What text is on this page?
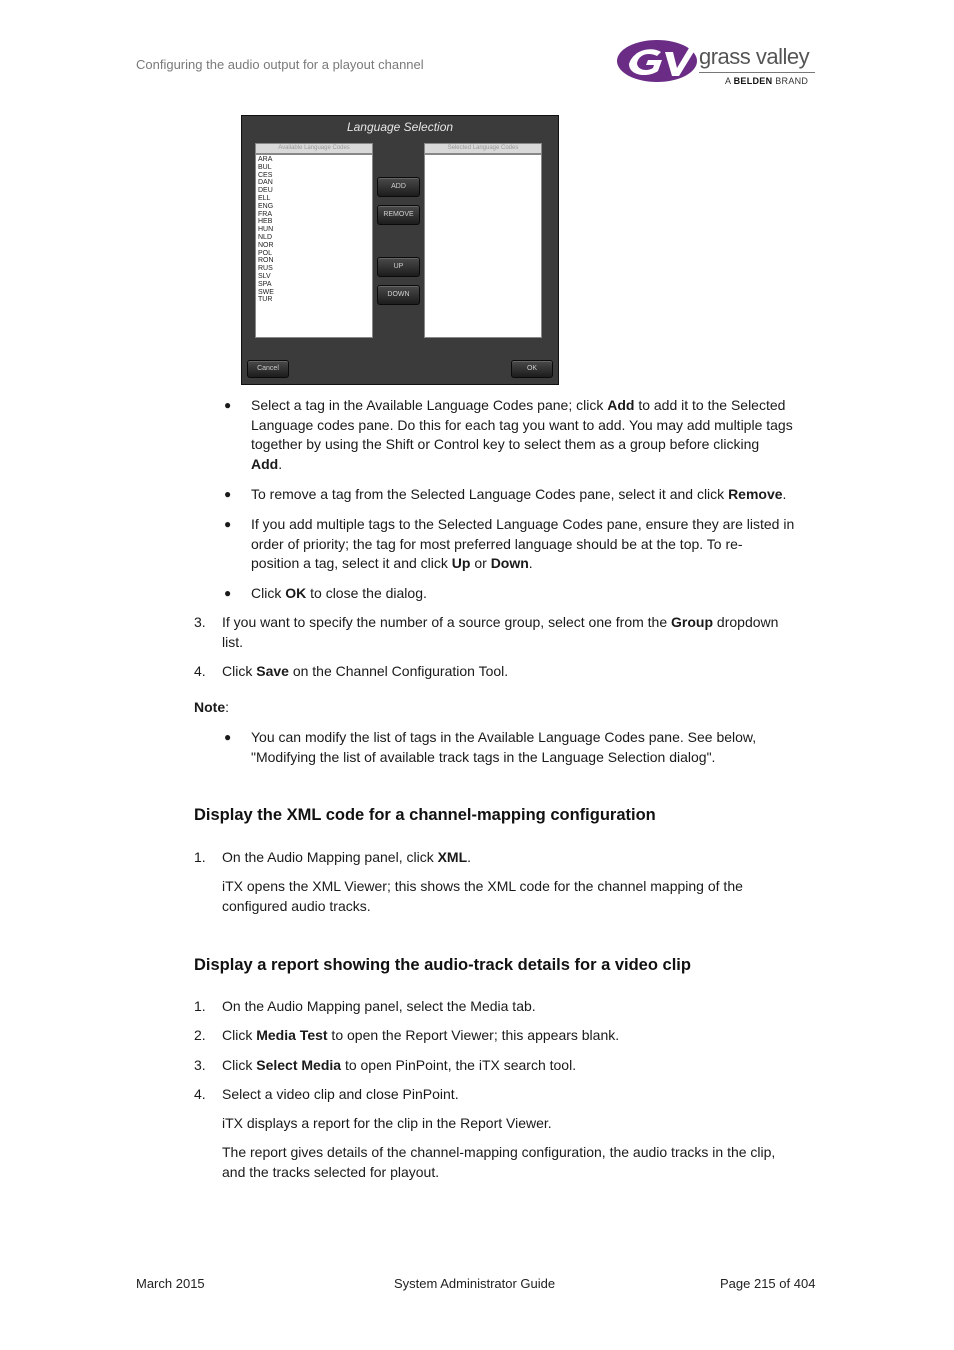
Configuring the audio output for a playout channel	grass valley
A BELDEN BRAND
Language Selection
Available Language Codes
ARA
BUL
CES
DAN
DEU
ELL
ENG
FRA
HEB
HUN
NLD
NOR
POL
RON
RUS
SLV
SPA
SWE
TUR
Selected Language Codes
ADD
REMOVE
UP
DOWN
Cancel	OK
● Select a tag in the Available Language Codes pane; click Add to add it to the Selected
Language codes pane. Do this for each tag you want to add. You may add multiple tags
together by using the Shift or Control key to select them as a group before clicking
Add.
● To remove a tag from the Selected Language Codes pane, select it and click Remove.
● If you add multiple tags to the Selected Language Codes pane, ensure they are listed in
order of priority; the tag for most preferred language should be at the top. To re-
position a tag, select it and click Up or Down.
● Click OK to close the dialog.
3. If you want to specify the number of a source group, select one from the Group dropdown
list.
4. Click Save on the Channel Configuration Tool.
Note:
● You can modify the list of tags in the Available Language Codes pane. See below,
"Modifying the list of available track tags in the Language Selection dialog".
Display the XML code for a channel-mapping configuration
1. On the Audio Mapping panel, click XML.
iTX opens the XML Viewer; this shows the XML code for the channel mapping of the
configured audio tracks.
Display a report showing the audio-track details for a video clip
1. On the Audio Mapping panel, select the Media tab.
2. Click Media Test to open the Report Viewer; this appears blank.
3. Click Select Media to open PinPoint, the iTX search tool.
4. Select a video clip and close PinPoint.
iTX displays a report for the clip in the Report Viewer.
The report gives details of the channel-mapping configuration, the audio tracks in the clip,
and the tracks selected for playout.
March 2015	System Administrator Guide	Page 215 of 404
